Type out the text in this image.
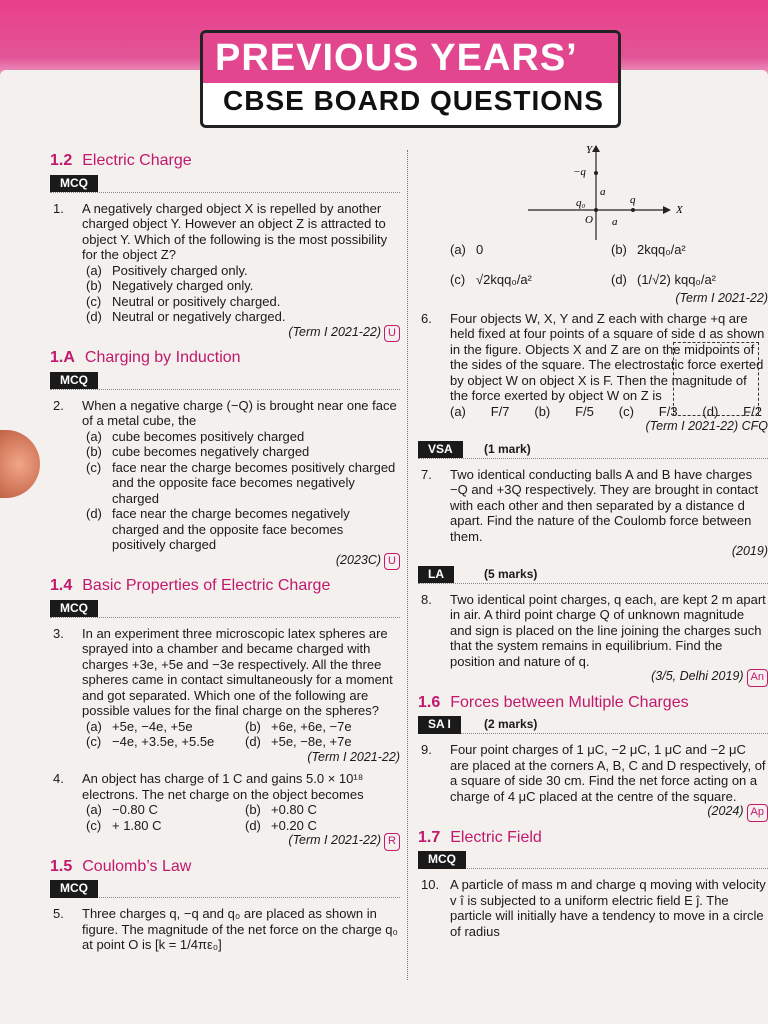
PREVIOUS YEARS’
CBSE BOARD QUESTIONS
1.2 Electric Charge
MCQ
1. A negatively charged object X is repelled by another charged object Y. However an object Z is attracted to object Y. Which of the following is the most possibility for the object Z?
(a) Positively charged only.
(b) Negatively charged only.
(c) Neutral or positively charged.
(d) Neutral or negatively charged.
(Term I 2021-22) U
1.A Charging by Induction
MCQ
2. When a negative charge (−Q) is brought near one face of a metal cube, the
(a) cube becomes positively charged
(b) cube becomes negatively charged
(c) face near the charge becomes positively charged and the opposite face becomes negatively charged
(d) face near the charge becomes negatively charged and the opposite face becomes positively charged
(2023C) U
1.4 Basic Properties of Electric Charge
MCQ
3. In an experiment three microscopic latex spheres are sprayed into a chamber and became charged with charges +3e, +5e and −3e respectively. All the three spheres came in contact simultaneously for a moment and got separated. Which one of the following are possible values for the final charge on the spheres?
(a) +5e, −4e, +5e	(b) +6e, +6e, −7e
(c) −4e, +3.5e, +5.5e	(d) +5e, −8e, +7e
(Term I 2021-22)
4. An object has charge of 1 C and gains 5.0 × 10¹⁸ electrons. The net charge on the object becomes
(a) −0.80 C	(b) +0.80 C
(c) + 1.80 C	(d) +0.20 C
(Term I 2021-22) R
1.5 Coulomb’s Law
MCQ
5. Three charges q, −q and q₀ are placed as shown in figure. The magnitude of the net force on the charge q₀ at point O is [k = 1/4πε₀]
X
Y
−q
q₀	q
O
a
a
(a) 0	(b) 2kqq₀/a²
(c) √2kqq₀/a²	(d) (1/√2) kqq₀/a²
(Term I 2021-22)
6. Four objects W, X, Y and Z each with charge +q are held fixed at four points of a square of side d as shown in the figure. Objects X and Z are on the midpoints of the sides of the square. The electrostatic force exerted by object W on object X is F. Then the magnitude of the force exerted by object W on Z is
(a) F/7 (b) F/5 (c) F/3 (d) F/2
(Term I 2021-22) CFQ
VSA	(1 mark)
7. Two identical conducting balls A and B have charges −Q and +3Q respectively. They are brought in contact with each other and then separated by a distance d apart. Find the nature of the Coulomb force between them.
(2019)
LA	(5 marks)
8. Two identical point charges, q each, are kept 2 m apart in air. A third point charge Q of unknown magnitude and sign is placed on the line joining the charges such that the system remains in equilibrium. Find the position and nature of q.
(3/5, Delhi 2019) An
1.6 Forces between Multiple Charges
SA I	(2 marks)
9. Four point charges of 1 μC, −2 μC, 1 μC and −2 μC are placed at the corners A, B, C and D respectively, of a square of side 30 cm. Find the net force acting on a charge of 4 μC placed at the centre of the square.
(2024) Ap
1.7 Electric Field
MCQ
10. A particle of mass m and charge q moving with velocity v î is subjected to a uniform electric field E ĵ. The particle will initially have a tendency to move in a circle of radius
